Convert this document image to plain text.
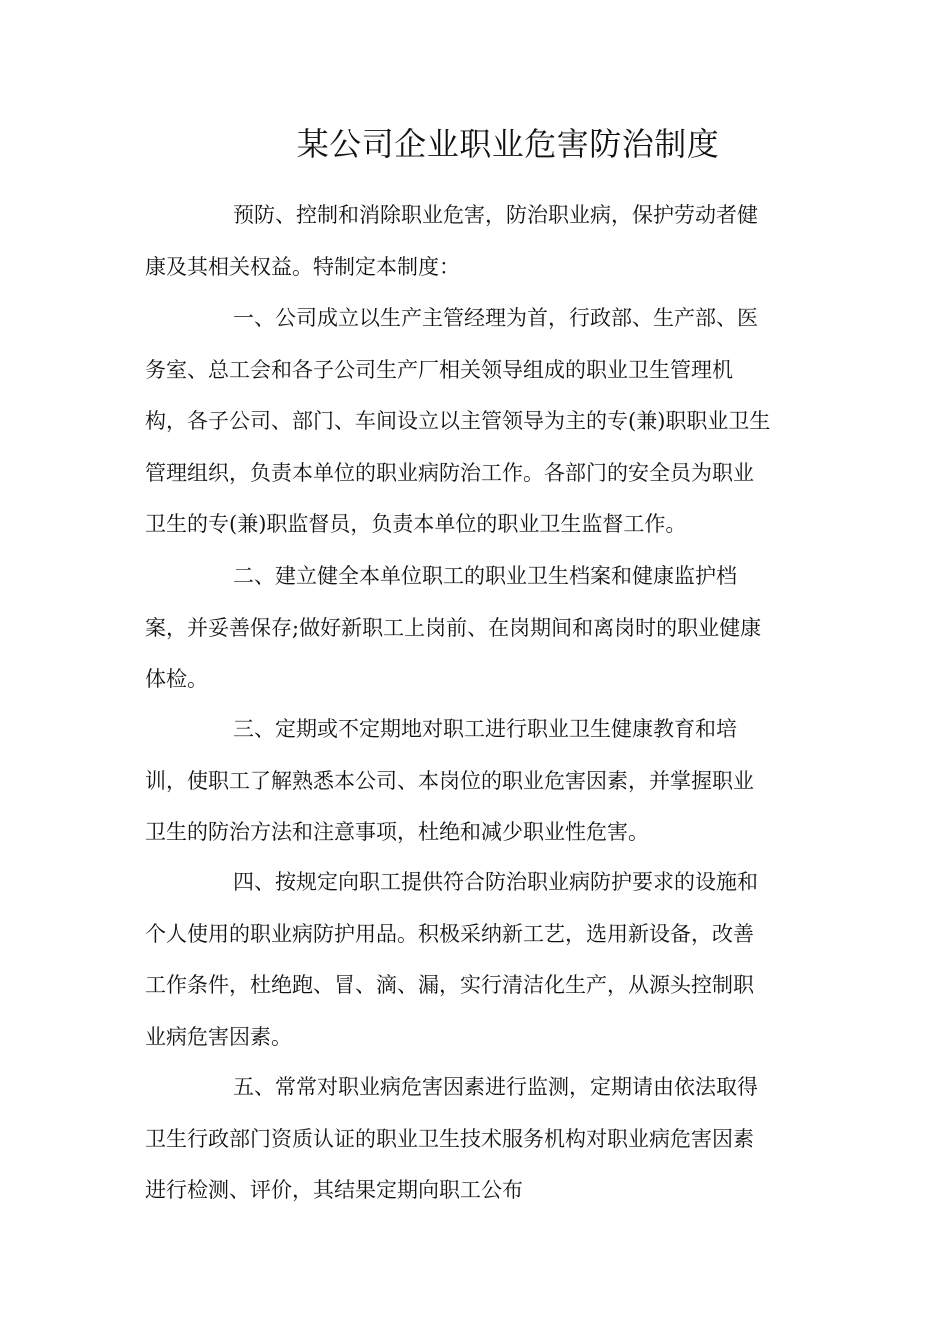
某公司企业职业危害防治制度
预防、控制和消除职业危害，防治职业病，保护劳动者健
康及其相关权益。特制定本制度：
一、公司成立以生产主管经理为首，行政部、生产部、医
务室、总工会和各子公司生产厂相关领导组成的职业卫生管理机
构，各子公司、部门、车间设立以主管领导为主的专(兼)职职业卫生
管理组织，负责本单位的职业病防治工作。各部门的安全员为职业
卫生的专(兼)职监督员，负责本单位的职业卫生监督工作。
二、建立健全本单位职工的职业卫生档案和健康监护档
案，并妥善保存;做好新职工上岗前、在岗期间和离岗时的职业健康
体检。
三、定期或不定期地对职工进行职业卫生健康教育和培
训，使职工了解熟悉本公司、本岗位的职业危害因素，并掌握职业
卫生的防治方法和注意事项，杜绝和减少职业性危害。
四、按规定向职工提供符合防治职业病防护要求的设施和
个人使用的职业病防护用品。积极采纳新工艺，选用新设备，改善
工作条件，杜绝跑、冒、滴、漏，实行清洁化生产，从源头控制职
业病危害因素。
五、常常对职业病危害因素进行监测，定期请由依法取得
卫生行政部门资质认证的职业卫生技术服务机构对职业病危害因素
进行检测、评价，其结果定期向职工公布
